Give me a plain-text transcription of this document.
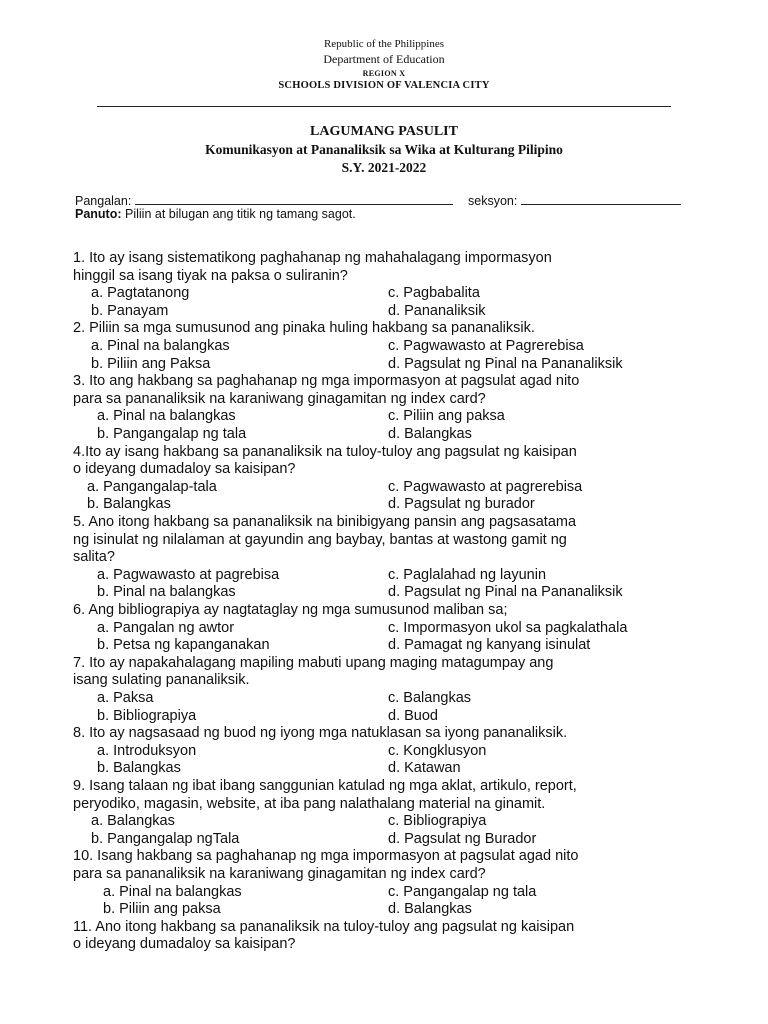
Republic of the Philippines
Department of Education
REGION X
SCHOOLS DIVISION OF VALENCIA CITY
LAGUMANG PASULIT
Komunikasyon at Pananaliksik sa Wika at Kulturang Pilipino
S.Y. 2021-2022
Pangalan:	seksyon:
Panuto: Piliin at bilugan ang titik ng tamang sagot.
1. Ito ay isang sistematikong paghahanap ng mahahalagang impormasyon
hinggil sa isang tiyak na paksa o suliranin?
a. Pagtatanong	c. Pagbabalita
b. Panayam	d. Pananaliksik
2. Piliin sa mga sumusunod ang pinaka huling hakbang sa pananaliksik.
a. Pinal na balangkas	c. Pagwawasto at Pagrerebisa
b. Piliin ang Paksa	d. Pagsulat ng Pinal na Pananaliksik
3. Ito ang hakbang sa paghahanap ng mga impormasyon at pagsulat agad nito
para sa pananaliksik na karaniwang ginagamitan ng index card?
a. Pinal na balangkas	c. Piliin ang paksa
b. Pangangalap ng tala	d. Balangkas
4.Ito ay isang hakbang sa pananaliksik na tuloy-tuloy ang pagsulat ng kaisipan
o ideyang dumadaloy sa kaisipan?
a. Pangangalap-tala	c. Pagwawasto at pagrerebisa
b. Balangkas	d. Pagsulat ng burador
5. Ano itong hakbang sa pananaliksik na binibigyang pansin ang pagsasatama
ng isinulat ng nilalaman at gayundin ang baybay, bantas at wastong gamit ng
salita?
a. Pagwawasto at pagrebisa	c. Paglalahad ng layunin
b. Pinal na balangkas	d. Pagsulat ng Pinal na Pananaliksik
6. Ang bibliograpiya ay nagtataglay ng mga sumusunod maliban sa;
a. Pangalan ng awtor	c. Impormasyon ukol sa pagkalathala
b. Petsa ng kapanganakan	d. Pamagat ng kanyang isinulat
7. Ito ay napakahalagang mapiling mabuti upang maging matagumpay ang
isang sulating pananaliksik.
a. Paksa	c. Balangkas
b. Bibliograpiya	d. Buod
8. Ito ay nagsasaad ng buod ng iyong mga natuklasan sa iyong pananaliksik.
a. Introduksyon	c. Kongklusyon
b. Balangkas	d. Katawan
9. Isang talaan ng ibat ibang sanggunian katulad ng mga aklat, artikulo, report,
peryodiko, magasin, website, at iba pang nalathalang material na ginamit.
a. Balangkas	c. Bibliograpiya
b. Pangangalap ngTala	d. Pagsulat ng Burador
10. Isang hakbang sa paghahanap ng mga impormasyon at pagsulat agad nito
para sa pananaliksik na karaniwang ginagamitan ng index card?
a. Pinal na balangkas	c. Pangangalap ng tala
b. Piliin ang paksa	d. Balangkas
11. Ano itong hakbang sa pananaliksik na tuloy-tuloy ang pagsulat ng kaisipan
o ideyang dumadaloy sa kaisipan?
